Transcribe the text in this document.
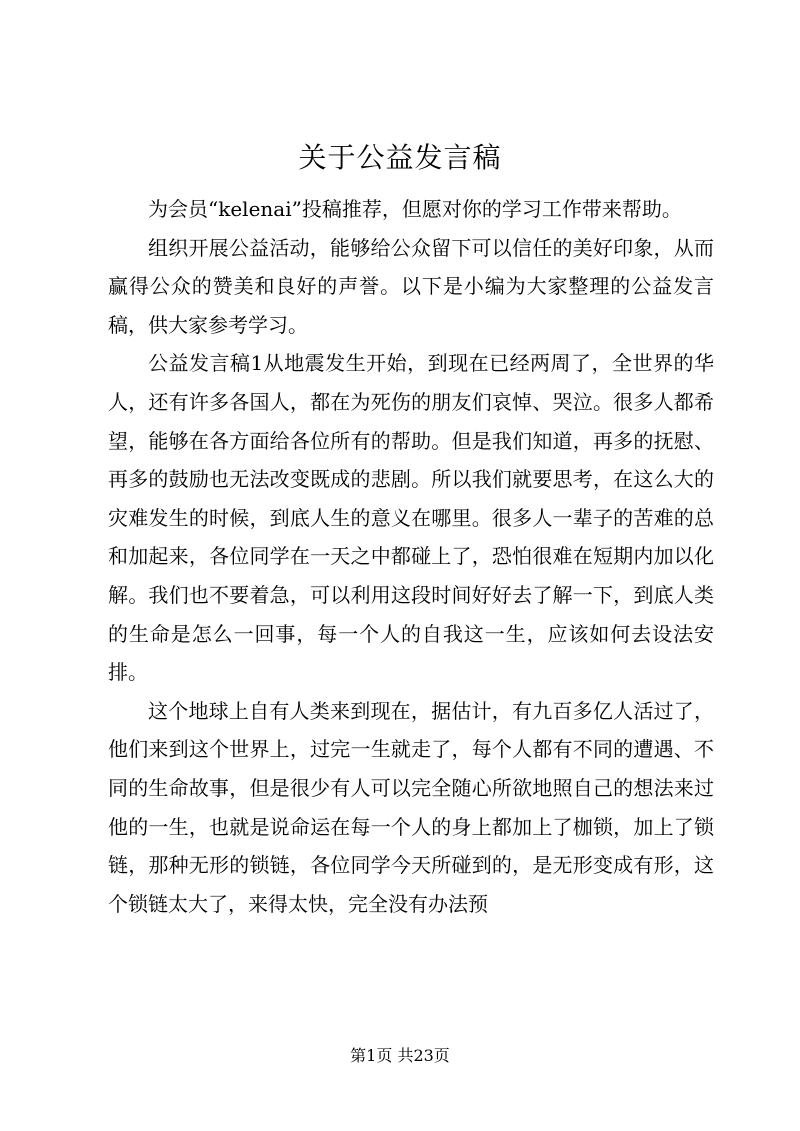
关于公益发言稿

为会员“kelenai”投稿推荐，但愿对你的学习工作带来帮助。

组织开展公益活动，能够给公众留下可以信任的美好印象，从而赢得公众的赞美和良好的声誉。以下是小编为大家整理的公益发言稿，供大家参考学习。

公益发言稿1从地震发生开始，到现在已经两周了，全世界的华人，还有许多各国人，都在为死伤的朋友们哀悼、哭泣。很多人都希望，能够在各方面给各位所有的帮助。但是我们知道，再多的抚慰、再多的鼓励也无法改变既成的悲剧。所以我们就要思考，在这么大的灾难发生的时候，到底人生的意义在哪里。很多人一辈子的苦难的总和加起来，各位同学在一天之中都碰上了，恐怕很难在短期内加以化解。我们也不要着急，可以利用这段时间好好去了解一下，到底人类的生命是怎么一回事，每一个人的自我这一生，应该如何去设法安排。

这个地球上自有人类来到现在，据估计，有九百多亿人活过了，他们来到这个世界上，过完一生就走了，每个人都有不同的遭遇、不同的生命故事，但是很少有人可以完全随心所欲地照自己的想法来过他的一生，也就是说命运在每一个人的身上都加上了枷锁，加上了锁链，那种无形的锁链，各位同学今天所碰到的，是无形变成有形，这个锁链太大了，来得太快，完全没有办法预

第1页 共23页
